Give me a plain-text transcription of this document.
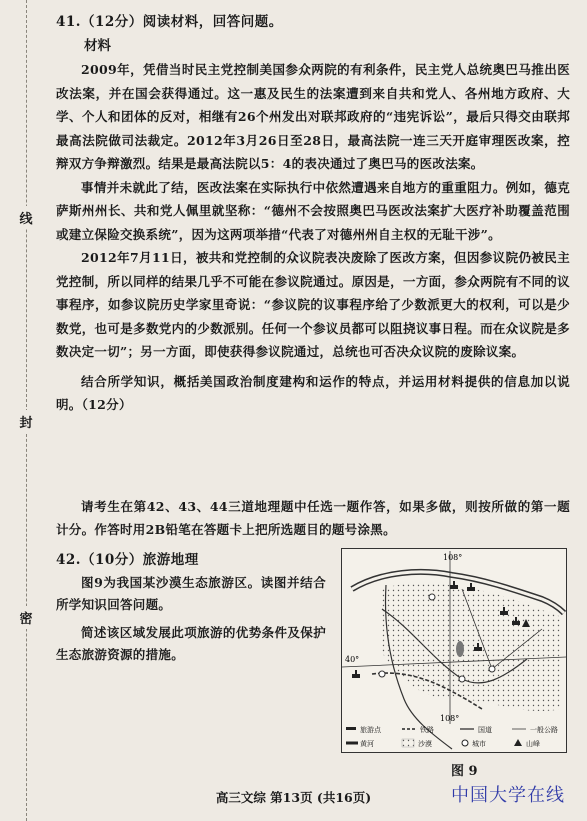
线
封
密
41.（12分）阅读材料，回答问题。
材料

2009年，凭借当时民主党控制美国参众两院的有利条件，民主党人总统奥巴马推出医改法案，并在国会获得通过。这一惠及民生的法案遭到来自共和党人、各州地方政府、大学、个人和团体的反对，相继有26个州发出对联邦政府的“违宪诉讼”，最后只得交由联邦最高法院做司法裁定。2012年3月26日至28日，最高法院一连三天开庭审理医改案，控辩双方争辩激烈。结果是最高法院以5：4的表决通过了奥巴马的医改法案。

事情并未就此了结，医改法案在实际执行中依然遭遇来自地方的重重阻力。例如，德克萨斯州州长、共和党人佩里就坚称：“德州不会按照奥巴马医改法案扩大医疗补助覆盖范围或建立保险交换系统”，因为这两项举措“代表了对德州州自主权的无耻干涉”。

2012年7月11日，被共和党控制的众议院表决废除了医改方案，但因参议院仍被民主党控制，所以同样的结果几乎不可能在参议院通过。原因是，一方面，参众两院有不同的议事程序，如参议院历史学家里奇说：“参议院的议事程序给了少数派更大的权利，可以是少数党，也可是多数党内的少数派别。任何一个参议员都可以阻挠议事日程。而在众议院是多数决定一切”；另一方面，即使获得参议院通过，总统也可否决众议院的废除议案。

结合所学知识，概括美国政治制度建构和运作的特点，并运用材料提供的信息加以说明。（12分）

请考生在第42、43、44三道地理题中任选一题作答，如果多做，则按所做的第一题计分。作答时用2B铅笔在答题卡上把所选题目的题号涂黑。

42.（10分）旅游地理

图9为我国某沙漠生态旅游区。读图并结合所学知识回答问题。

简述该区域发展此项旅游的优势条件及保护生态旅游资源的措施。

108°
108°
40°
旅游点	铁路	国道	一般公路
黄河	沙漠	城市	山峰
图 9
高三文综 第13页 (共16页)	中国大学在线
